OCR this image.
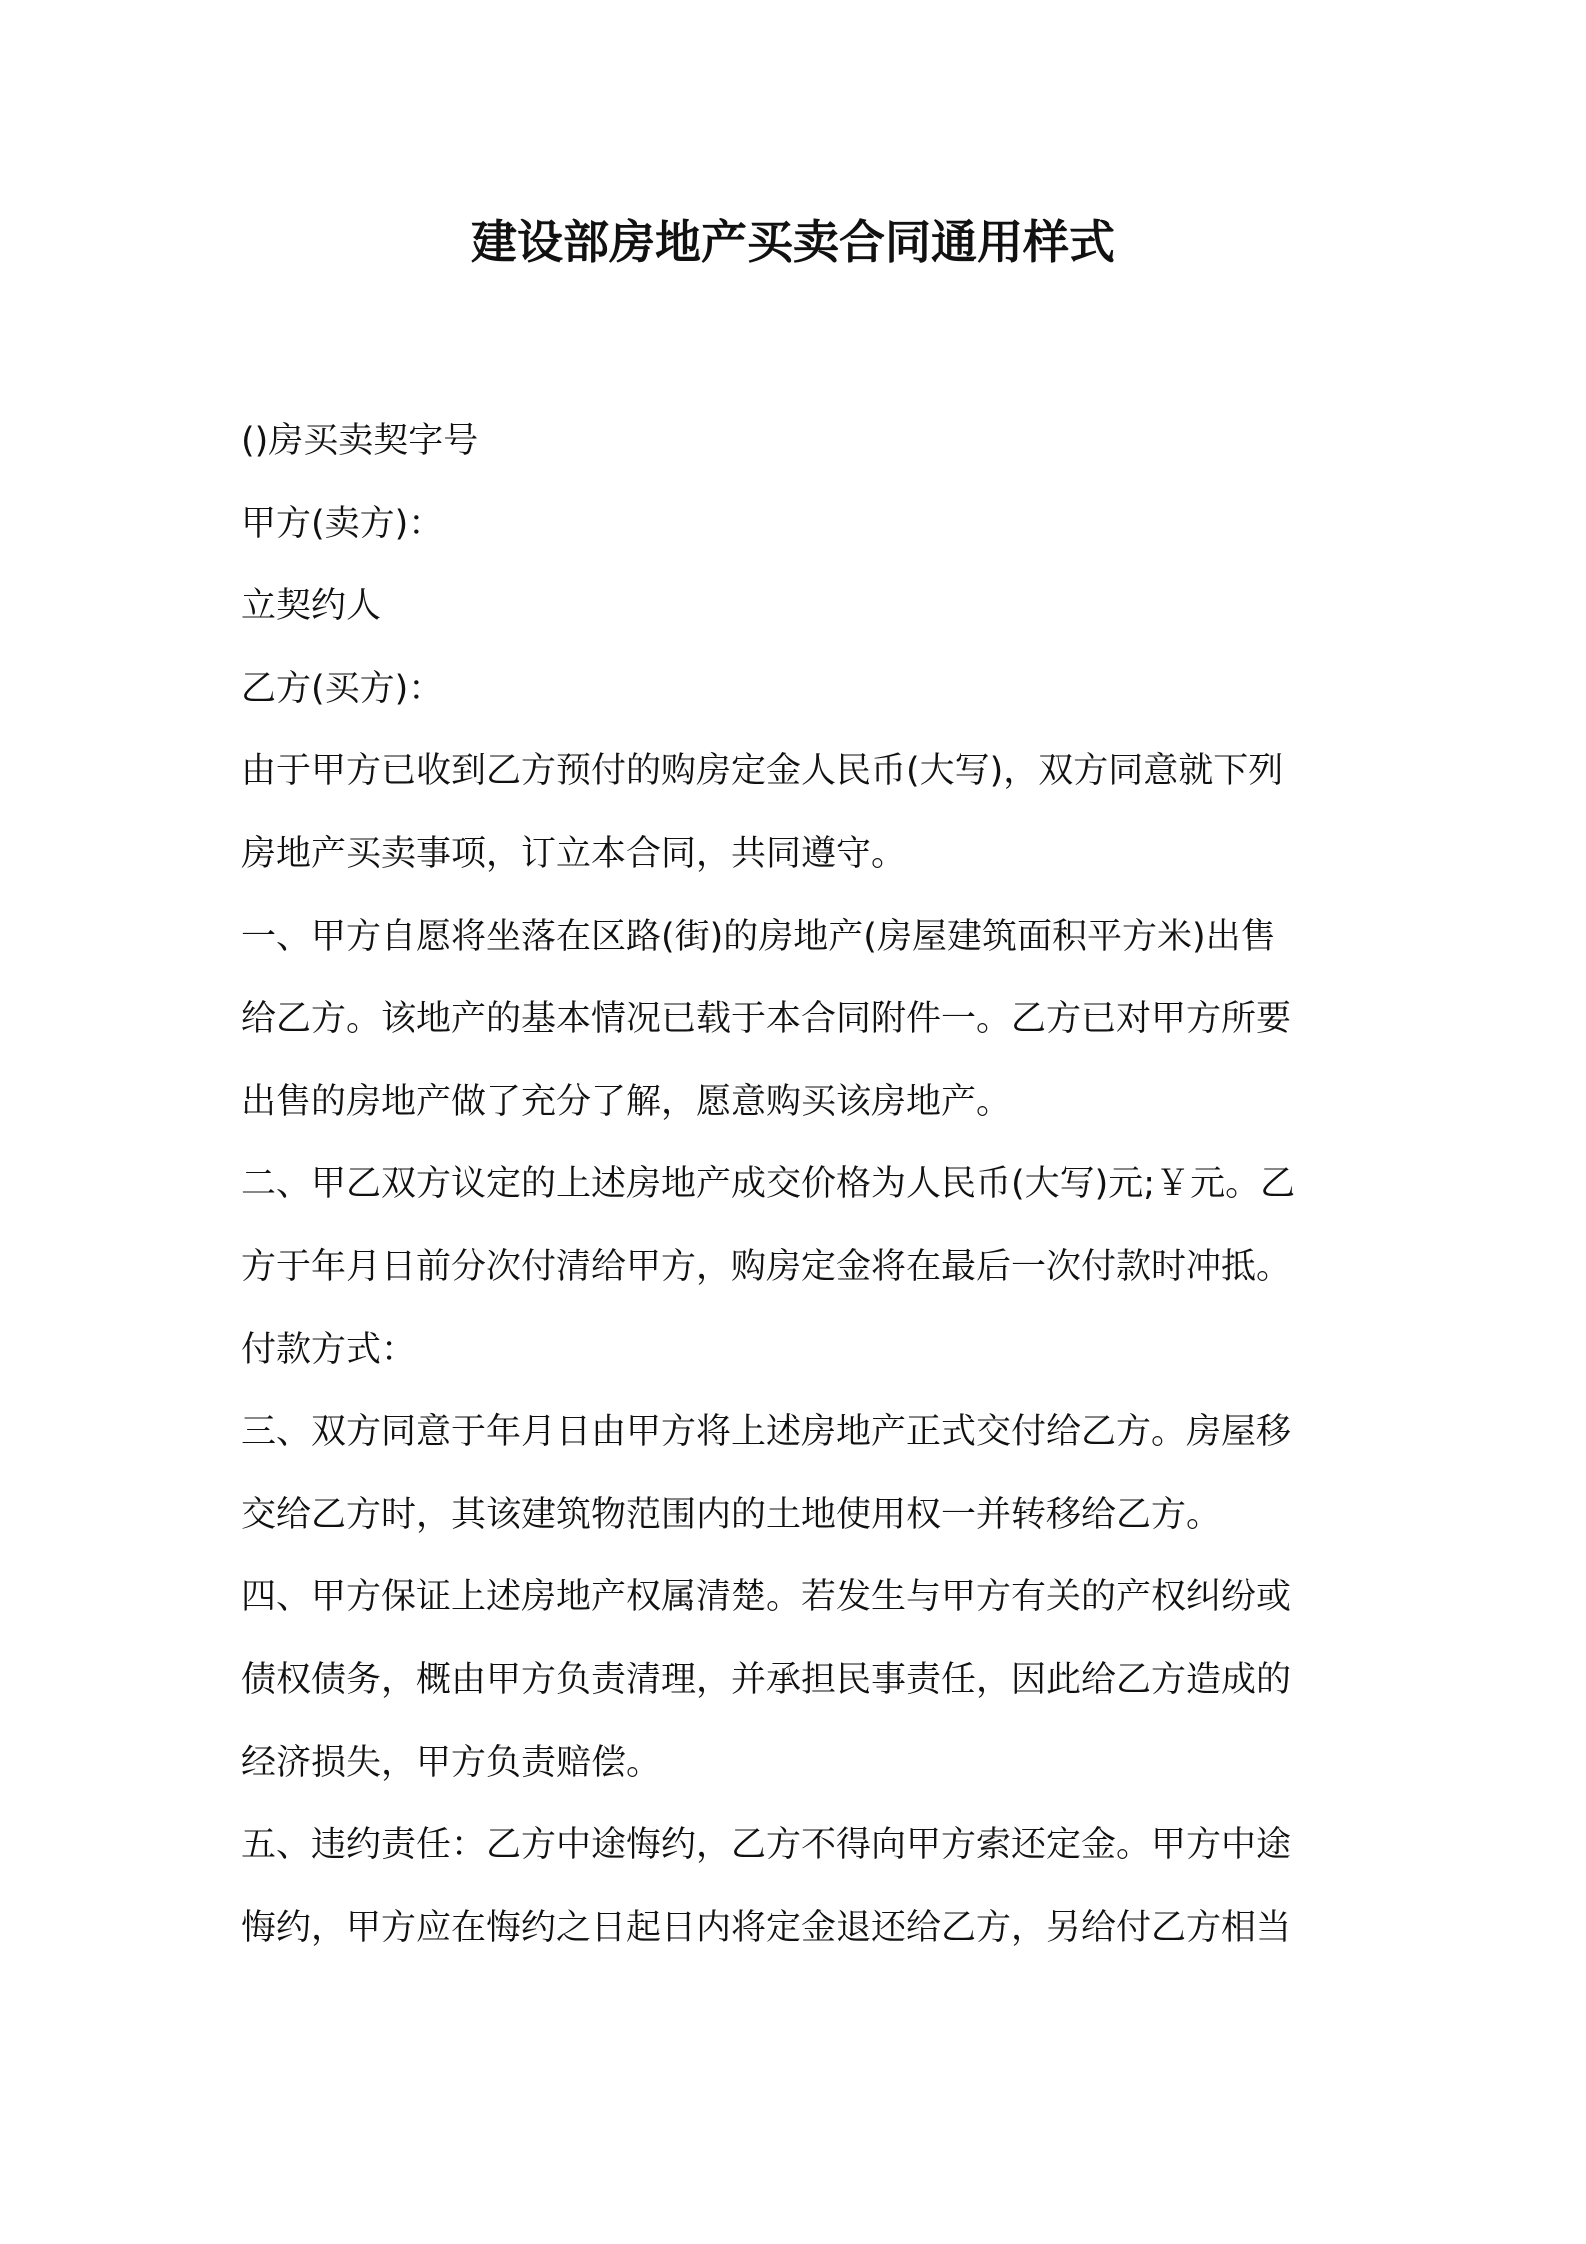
建设部房地产买卖合同通用样式

()房买卖契字号

甲方(卖方)：

立契约人

乙方(买方)：

由于甲方已收到乙方预付的购房定金人民币(大写)，双方同意就下列
房地产买卖事项，订立本合同，共同遵守。

一、甲方自愿将坐落在区路(街)的房地产(房屋建筑面积平方米)出售
给乙方。该地产的基本情况已载于本合同附件一。乙方已对甲方所要
出售的房地产做了充分了解，愿意购买该房地产。

二、甲乙双方议定的上述房地产成交价格为人民币(大写)元;￥元。乙
方于年月日前分次付清给甲方，购房定金将在最后一次付款时冲抵。
付款方式：

三、双方同意于年月日由甲方将上述房地产正式交付给乙方。房屋移
交给乙方时，其该建筑物范围内的土地使用权一并转移给乙方。

四、甲方保证上述房地产权属清楚。若发生与甲方有关的产权纠纷或
债权债务，概由甲方负责清理，并承担民事责任，因此给乙方造成的
经济损失，甲方负责赔偿。

五、违约责任：乙方中途悔约，乙方不得向甲方索还定金。甲方中途
悔约，甲方应在悔约之日起日内将定金退还给乙方，另给付乙方相当
